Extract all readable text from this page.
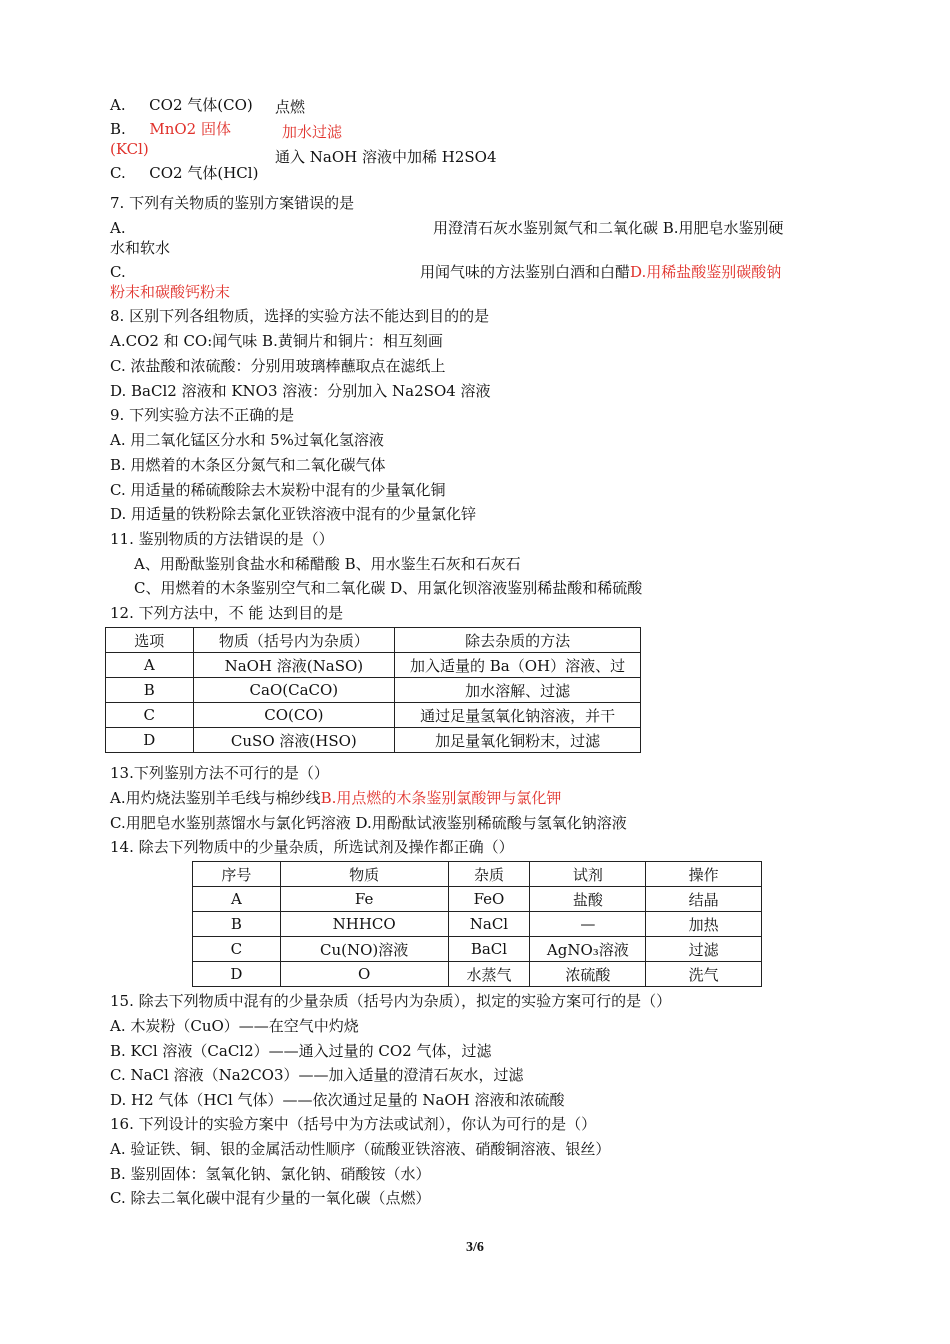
A. CO2 气体(CO) 点燃
B. MnO2 固体	加水过滤
(KCl)	通入 NaOH 溶液中加稀 H2SO4
C. CO2 气体(HCl)
7. 下列有关物质的鉴别方案错误的是
A.	用澄清石灰水鉴别氮气和二氧化碳 B.用肥皂水鉴别硬
水和软水
C.	用闻气味的方法鉴别白酒和白醋D.用稀盐酸鉴别碳酸钠
粉末和碳酸钙粉末
8. 区别下列各组物质，选择的实验方法不能达到目的的是
A.CO2 和 CO:闻气味 B.黄铜片和铜片：相互刻画
C. 浓盐酸和浓硫酸：分别用玻璃棒蘸取点在滤纸上
D. BaCl2 溶液和 KNO3 溶液：分别加入 Na2SO4 溶液
9. 下列实验方法不正确的是
A. 用二氧化锰区分水和 5%过氧化氢溶液
B. 用燃着的木条区分氮气和二氧化碳气体
C. 用适量的稀硫酸除去木炭粉中混有的少量氧化铜
D. 用适量的铁粉除去氯化亚铁溶液中混有的少量氯化锌
11. 鉴别物质的方法错误的是（）
A、用酚酞鉴别食盐水和稀醋酸 B、用水鉴生石灰和石灰石
C、用燃着的木条鉴别空气和二氧化碳 D、用氯化钡溶液鉴别稀盐酸和稀硫酸
12. 下列方法中，不 能 达到目的是
选项	物质（括号内为杂质）	除去杂质的方法
A	NaOH 溶液(NaSO)	加入适量的 Ba（OH）溶液、过
B	CaO(CaCO)	加水溶解、过滤
C	CO(CO)	通过足量氢氧化钠溶液，并干
D	CuSO 溶液(HSO)	加足量氧化铜粉末，过滤
13.下列鉴别方法不可行的是（）
A.用灼烧法鉴别羊毛线与棉纱线B.用点燃的木条鉴别氯酸钾与氯化钾
C.用肥皂水鉴别蒸馏水与氯化钙溶液 D.用酚酞试液鉴别稀硫酸与氢氧化钠溶液
14. 除去下列物质中的少量杂质，所选试剂及操作都正确（）
序号	物质	杂质	试剂	操作
A	Fe	FeO	盐酸	结晶
B	NHHCO	NaCl	—	加热
C	Cu(NO)溶液	BaCl	AgNO₃溶液	过滤
D	O	水蒸气	浓硫酸	洗气
15. 除去下列物质中混有的少量杂质（括号内为杂质），拟定的实验方案可行的是（）
A. 木炭粉（CuO）——在空气中灼烧
B. KCl 溶液（CaCl2）——通入过量的 CO2 气体，过滤
C. NaCl 溶液（Na2CO3）——加入适量的澄清石灰水，过滤
D. H2 气体（HCl 气体）——依次通过足量的 NaOH 溶液和浓硫酸
16. 下列设计的实验方案中（括号中为方法或试剂），你认为可行的是（）
A. 验证铁、铜、银的金属活动性顺序（硫酸亚铁溶液、硝酸铜溶液、银丝）
B. 鉴别固体：氢氧化钠、氯化钠、硝酸铵（水）
C. 除去二氧化碳中混有少量的一氧化碳（点燃）
3/6
